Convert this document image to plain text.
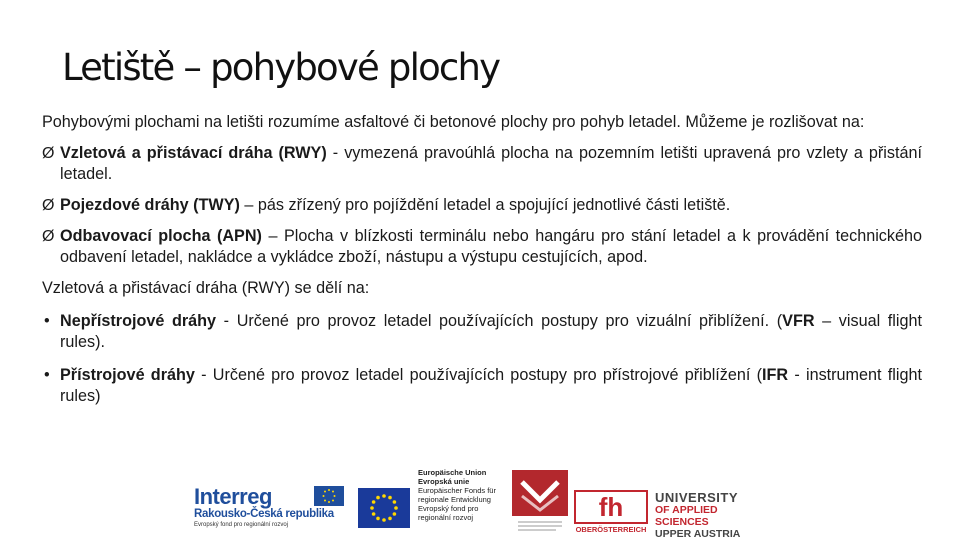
Letiště – pohybové plochy

Pohybovými plochami na letišti rozumíme asfaltové či betonové plochy pro pohyb letadel. Můžeme je rozlišovat na:

Ø Vzletová a přistávací dráha (RWY) - vymezená pravoúhlá plocha na pozemním letišti upravená pro vzlety a přistání letadel.
Ø Pojezdové dráhy (TWY) – pás zřízený pro pojíždění letadel a spojující jednotlivé části letiště.
Ø Odbavovací plocha (APN) – Plocha v blízkosti terminálu nebo hangáru pro stání letadel a k provádění technického odbavení letadel, nakládce a vykládce zboží, nástupu a výstupu cestujících, apod.

Vzletová a přistávací dráha (RWY) se dělí na:

• Nepřístrojové dráhy - Určené pro provoz letadel používajících postupy pro vizuální přiblížení. (VFR – visual flight rules).
• Přístrojové dráhy - Určené pro provoz letadel používajících postupy pro přístrojové přiblížení (IFR - instrument flight rules)
Interreg
Rakousko-Česká republika
Evropský fond pro regionální rozvoj
Europäische Union
Evropská unie
Europäischer Fonds für regionale Entwicklung
Evropský fond pro regionální rozvoj	fh
OBERÖSTERREICH
UNIVERSITY
OF APPLIED SCIENCES
UPPER AUSTRIA
